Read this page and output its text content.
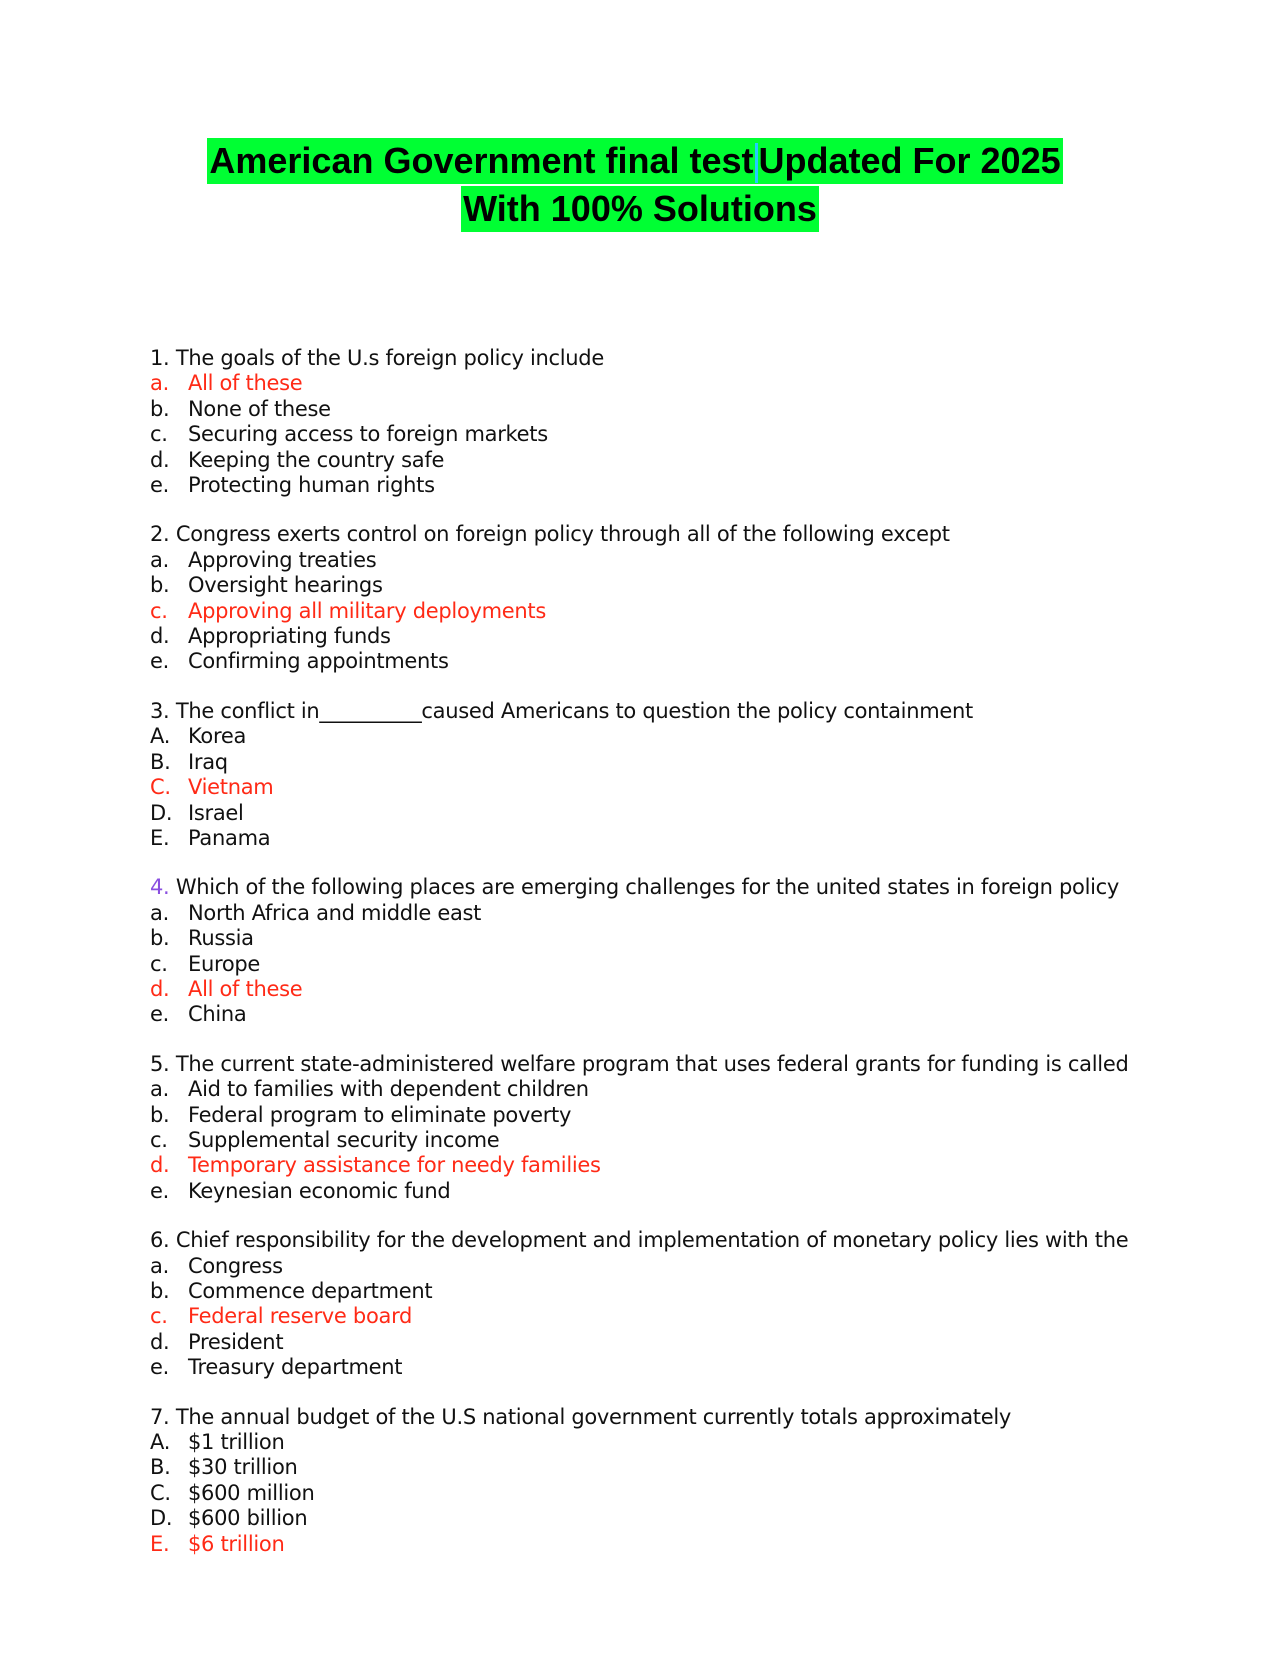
American Government final test Updated For 2025
With 100% Solutions
1. The goals of the U.s foreign policy include
a. All of these
b. None of these
c. Securing access to foreign markets
d. Keeping the country safe
e. Protecting human rights
2. Congress exerts control on foreign policy through all of the following except
a. Approving treaties
b. Oversight hearings
c. Approving all military deployments
d. Appropriating funds
e. Confirming appointments
3. The conflict in__________caused Americans to question the policy containment
A. Korea
B. Iraq
C. Vietnam
D. Israel
E. Panama
4. Which of the following places are emerging challenges for the united states in foreign policy
a. North Africa and middle east
b. Russia
c. Europe
d. All of these
e. China
5. The current state-administered welfare program that uses federal grants for funding is called
a. Aid to families with dependent children
b. Federal program to eliminate poverty
c. Supplemental security income
d. Temporary assistance for needy families
e. Keynesian economic fund
6. Chief responsibility for the development and implementation of monetary policy lies with the
a. Congress
b. Commence department
c. Federal reserve board
d. President
e. Treasury department
7. The annual budget of the U.S national government currently totals approximately
A. $1 trillion
B. $30 trillion
C. $600 million
D. $600 billion
E. $6 trillion
